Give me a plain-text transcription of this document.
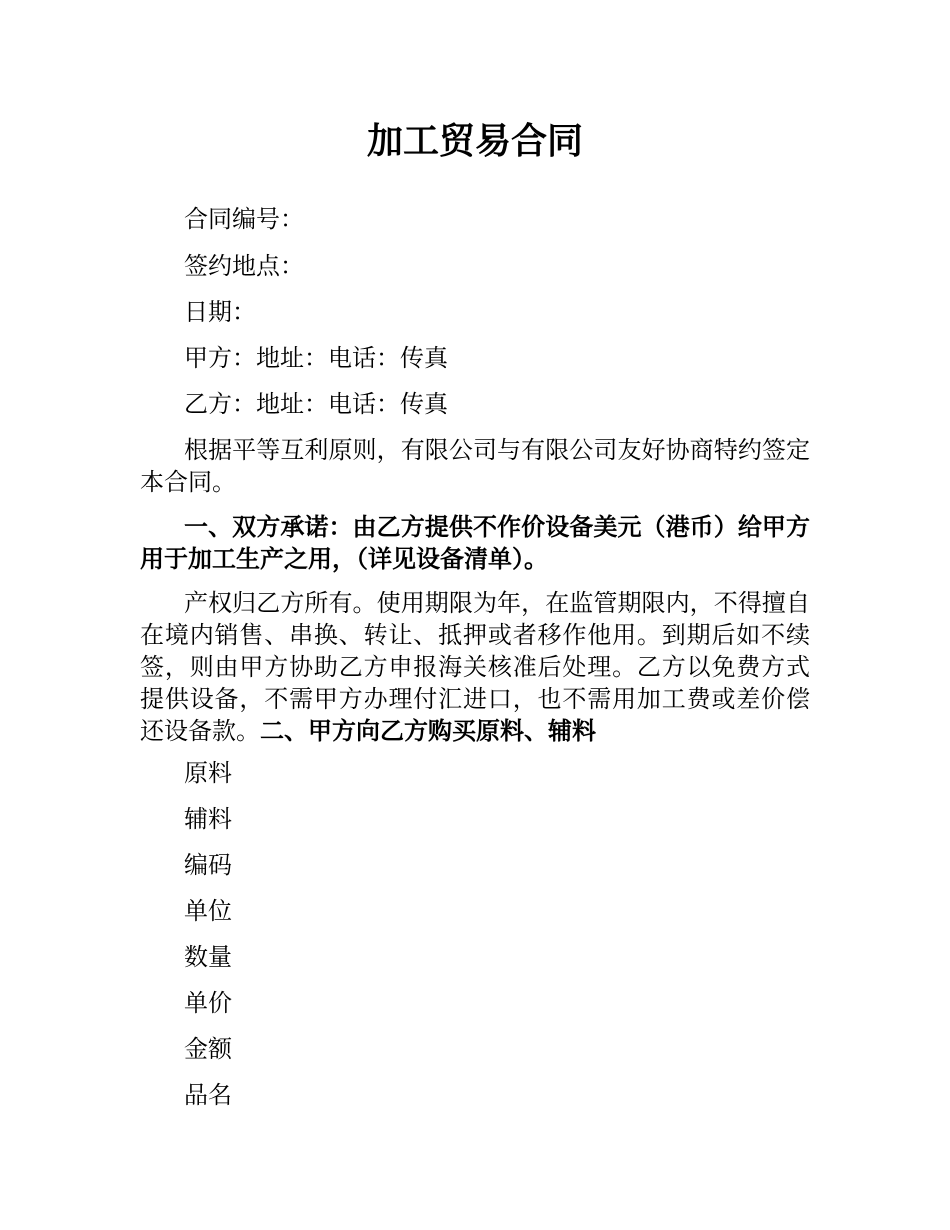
加工贸易合同

合同编号：

签约地点：

日期：

甲方：地址：电话：传真

乙方：地址：电话：传真

根据平等互利原则，有限公司与有限公司友好协商特约签定本合同。

一、双方承诺：由乙方提供不作价设备美元（港币）给甲方用于加工生产之用，（详见设备清单）。

产权归乙方所有。使用期限为年，在监管期限内，不得擅自在境内销售、串换、转让、抵押或者移作他用。到期后如不续签，则由甲方协助乙方申报海关核准后处理。乙方以免费方式提供设备，不需甲方办理付汇进口，也不需用加工费或差价偿还设备款。二、甲方向乙方购买原料、辅料

原料

辅料

编码

单位

数量

单价

金额

品名
